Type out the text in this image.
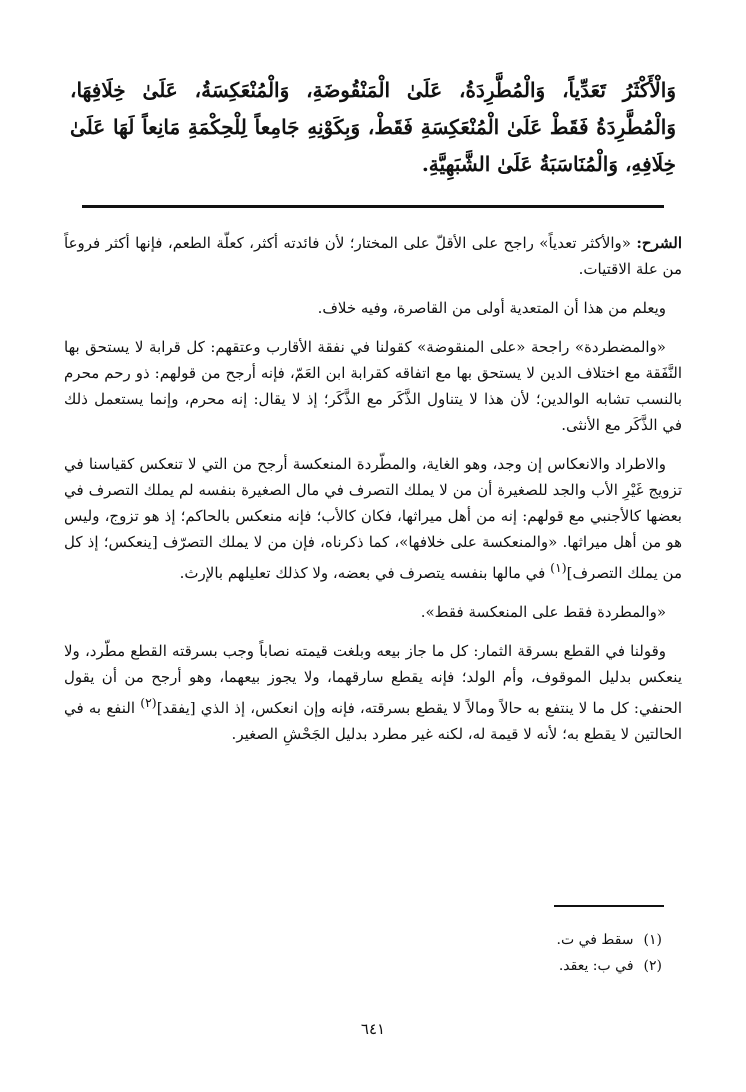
وَالْأَكْثَرُ تَعَدِّياً، وَالْمُطَّرِدَةُ، عَلَىٰ الْمَنْقُوضَةِ، وَالْمُنْعَكِسَةُ، عَلَىٰ خِلَافِهَا، وَالْمُطَّرِدَةُ فَقَطْ عَلَىٰ الْمُنْعَكِسَةِ فَقَطْ، وَبِكَوْنِهِ جَامِعاً لِلْحِكْمَةِ مَانِعاً لَهَا عَلَىٰ خِلَافِهِ، وَالْمُنَاسَبَةُ عَلَىٰ الشَّبَهِيَّةِ.

الشرح: «والأكثر تعدياً» راجح على الأقلّ على المختار؛ لأن فائدته أكثر، كعلّة الطعم، فإنها أكثر فروعاً من علة الاقتيات.

ويعلم من هذا أن المتعدية أولى من القاصرة، وفيه خلاف.

«والمضطردة» راجحة «على المنقوضة» كقولنا في نفقة الأقارب وعتقهم: كل قرابة لا يستحق بها النَّفَقة مع اختلاف الدين لا يستحق بها مع اتفاقه كقرابة ابن العَمّ، فإنه أرجح من قولهم: ذو رحم محرم بالنسب تشابه الوالدين؛ لأن هذا لا يتناول الذَّكَر مع الذَّكَر؛ إذ لا يقال: إنه محرم، وإنما يستعمل ذلك في الذَّكَر مع الأنثى.

والاطراد والانعكاس إن وجد، وهو الغاية، والمطّردة المنعكسة أرجح من التي لا تنعكس كقياسنا في تزويج غَيْرِ الأب والجد للصغيرة أن من لا يملك التصرف في مال الصغيرة بنفسه لم يملك التصرف في بعضها كالأجنبي مع قولهم: إنه من أهل ميراثها، فكان كالأب؛ فإنه منعكس بالحاكم؛ إذ هو تزوج، وليس هو من أهل ميراثها. «والمنعكسة على خلافها»، كما ذكرناه، فإن من لا يملك التصرّف [ينعكس؛ إذ كل من يملك التصرف]$^{(١)}$ في مالها بنفسه يتصرف في بعضه، ولا كذلك تعليلهم بالإرث.

«والمطردة فقط على المنعكسة فقط».

وقولنا في القطع بسرقة الثمار: كل ما جاز بيعه وبلغت قيمته نصاباً وجب بسرقته القطع مطّرد، ولا ينعكس بدليل الموقوف، وأم الولد؛ فإنه يقطع سارقهما، ولا يجوز بيعهما، وهو أرجح من أن يقول الحنفي: كل ما لا ينتفع به حالاً ومالاً لا يقطع بسرقته، فإنه وإن انعكس، إذ الذي [يفقد]$^{(٢)}$ النفع به في الحالتين لا يقطع به؛ لأنه لا قيمة له، لكنه غير مطرد بدليل الجَحْشِ الصغير.

(١)سقط في ت.
(٢)في ب: يعقد.
٦٤١
